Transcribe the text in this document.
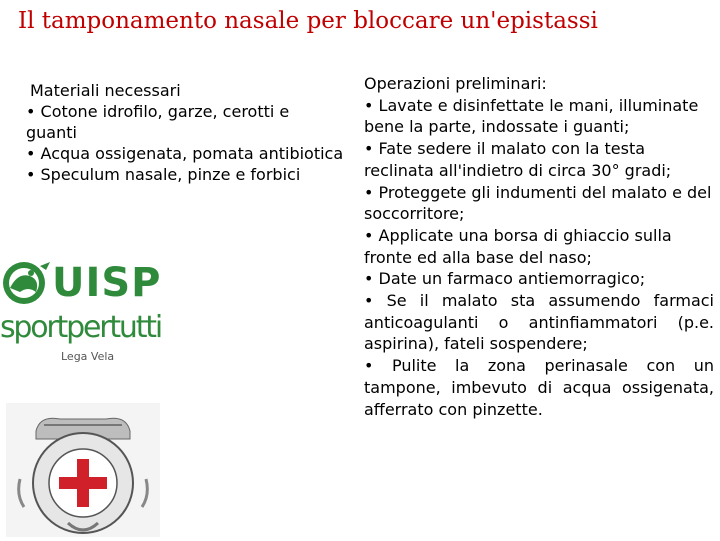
Il tamponamento nasale per bloccare un'epistassi
Materiali necessari

• Cotone idrofilo, garze, cerotti e guanti

• Acqua ossigenata, pomata antibiotica

• Speculum nasale, pinze e forbici

Operazioni preliminari:

• Lavate e disinfettate le mani, illuminate bene la parte, indossate i guanti;

• Fate sedere il malato con la testa reclinata all'indietro di circa 30° gradi;

• Proteggete gli indumenti del malato e del soccorritore;

• Applicate una borsa di ghiaccio sulla fronte ed alla base del naso;

• Date un farmaco antiemorragico;

• Se il malato sta assumendo farmaci anticoagulanti o antinfiammatori (p.e. aspirina), fateli sospendere;

• Pulite la zona perinasale con un tampone, imbevuto di acqua ossigenata, afferrato con pinzette.

UISP
sportpertutti
Lega Vela
